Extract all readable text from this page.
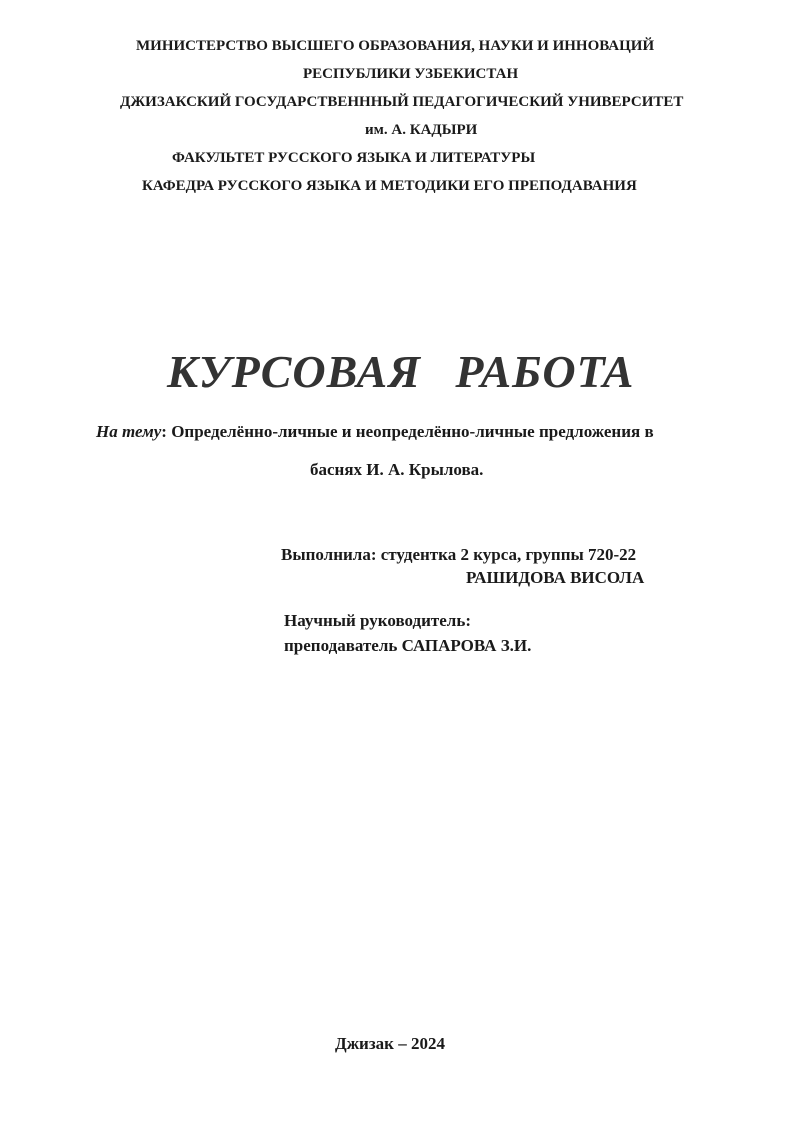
МИНИСТЕРСТВО ВЫСШЕГО ОБРАЗОВАНИЯ, НАУКИ И ИННОВАЦИЙ
РЕСПУБЛИКИ УЗБЕКИСТАН
ДЖИЗАКСКИЙ ГОСУДАРСТВЕНННЫЙ ПЕДАГОГИЧЕСКИЙ УНИВЕРСИТЕТ
им. А. КАДЫРИ
ФАКУЛЬТЕТ РУССКОГО ЯЗЫКА И ЛИТЕРАТУРЫ
КАФЕДРА РУССКОГО ЯЗЫКА И МЕТОДИКИ ЕГО ПРЕПОДАВАНИЯ
КУРСОВАЯ РАБОТА
На тему: Определённо-личные и неопределённо-личные предложения в
баснях И. А. Крылова.
Выполнила: студентка 2 курса, группы 720-22
РАШИДОВА ВИСОЛА
Научный руководитель:
преподаватель САПАРОВА З.И.
Джизак – 2024
